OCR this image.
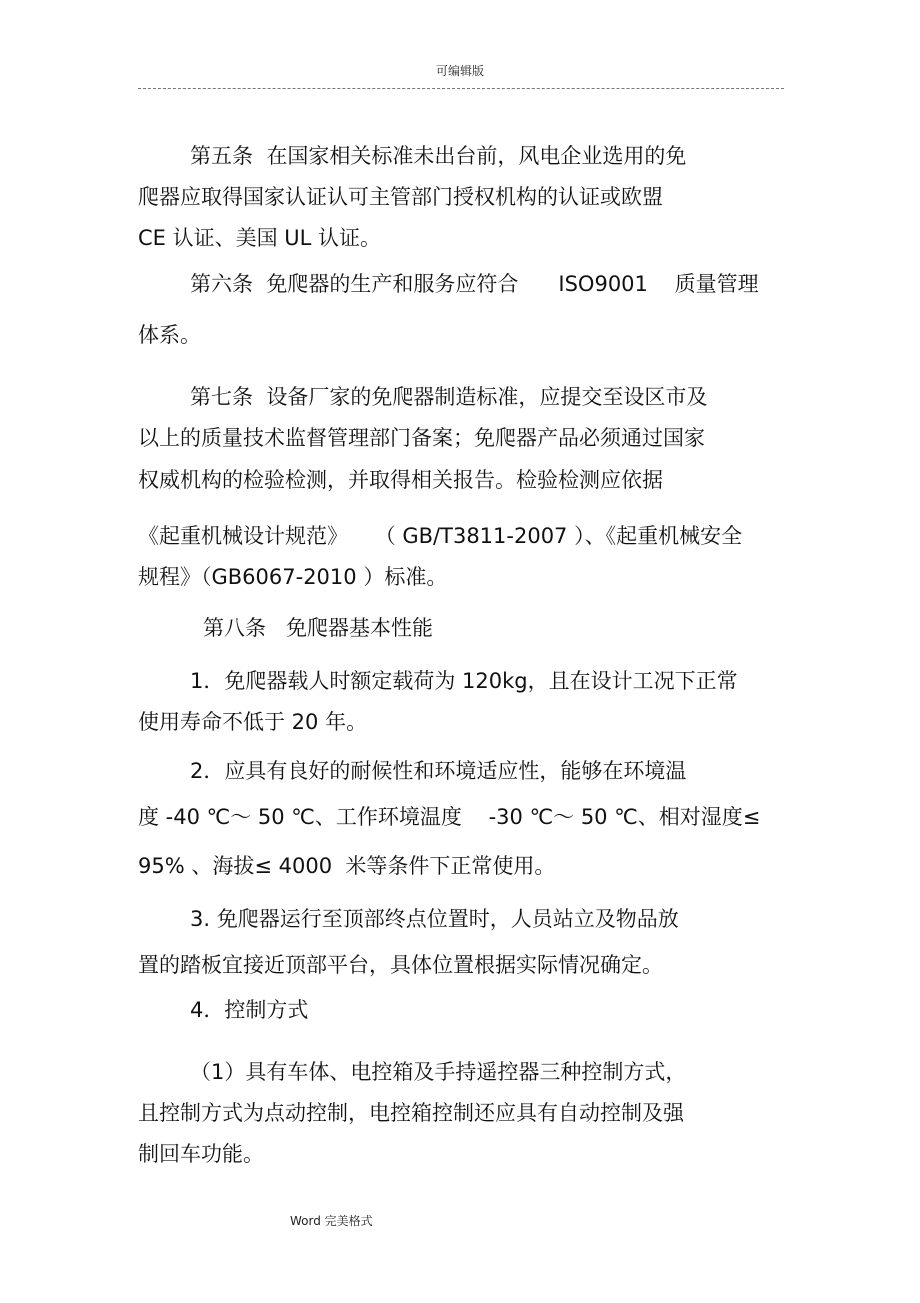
可编辑版
第五条  在国家相关标准未出台前，风电企业选用的免
爬器应取得国家认证认可主管部门授权机构的认证或欧盟
CE 认证、美国 UL 认证。
第六条  免爬器的生产和服务应符合      ISO9001    质量管理
体系。
第七条  设备厂家的免爬器制造标准，应提交至设区市及
以上的质量技术监督管理部门备案；免爬器产品必须通过国家
权威机构的检验检测，并取得相关报告。检验检测应依据
《起重机械设计规范》    （ GB/T3811-2007 ）、《起重机械安全
规程》（GB6067-2010 ）标准。
第八条   免爬器基本性能
1．免爬器载人时额定载荷为 120kg，且在设计工况下正常
使用寿命不低于 20 年。
2．应具有良好的耐候性和环境适应性，能够在环境温
度 -40 ℃～ 50 ℃、工作环境温度    -30 ℃～ 50 ℃、相对湿度≤
95% 、海拔≤ 4000  米等条件下正常使用。
3. 免爬器运行至顶部终点位置时，人员站立及物品放
置的踏板宜接近顶部平台，具体位置根据实际情况确定。
4．控制方式
（1）具有车体、电控箱及手持遥控器三种控制方式，
且控制方式为点动控制，电控箱控制还应具有自动控制及强
制回车功能。
Word 完美格式
